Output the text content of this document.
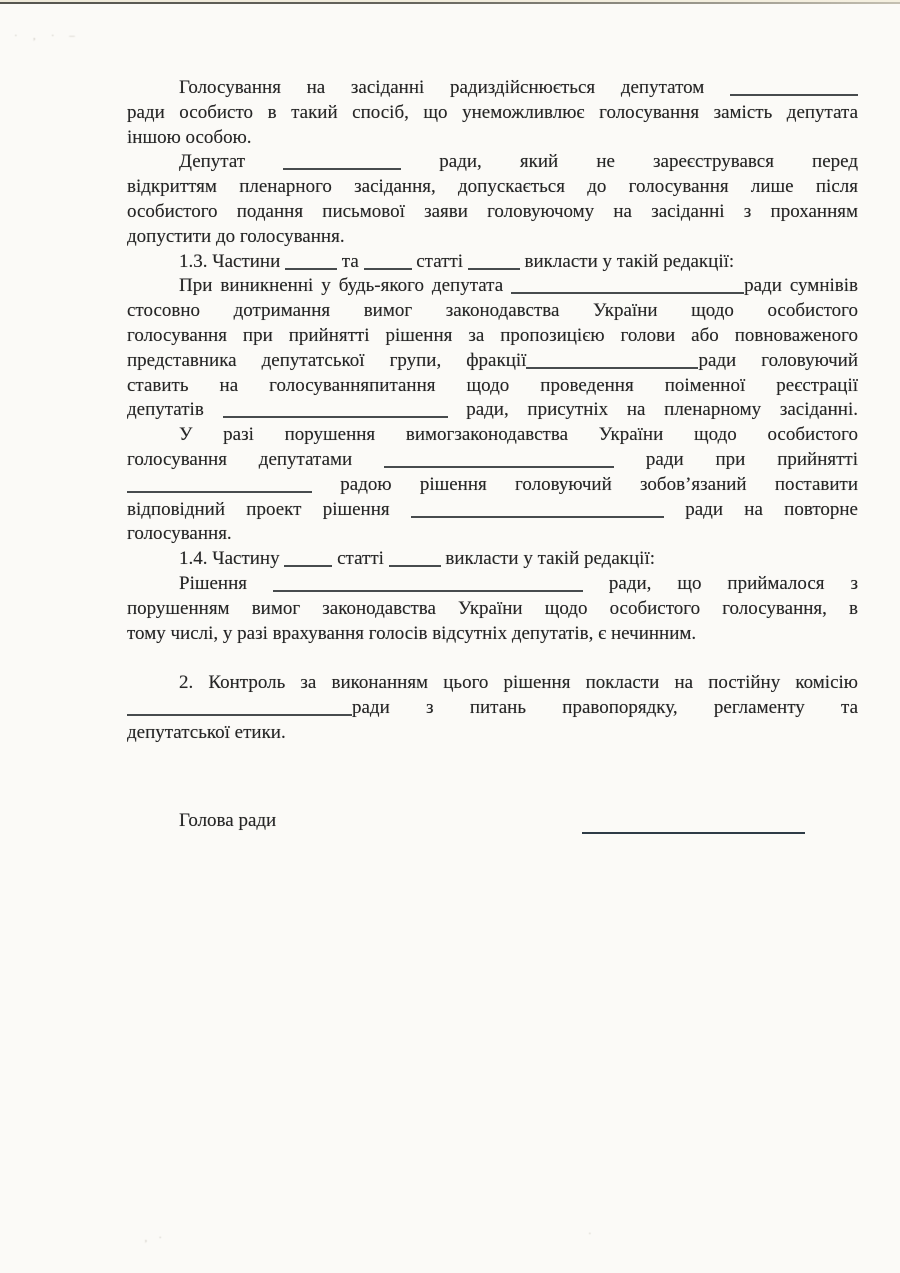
· ‚ · –
Голосування на засіданні радиздійснюється депутатом
ради особисто в такий спосіб, що унеможливлює голосування замість депутата
іншою особою.
Депутат	ради, який не зареєструвався перед
відкриттям пленарного засідання, допускається до голосування лише після
особистого подання письмової заяви головуючому на засіданні з проханням
допустити до голосування.
1.3. Частини	та	статті	викласти у такій редакції:
При виникненні у будь-якого депутата	ради сумнівів
стосовно дотримання вимог законодавства України щодо особистого
голосування при прийнятті рішення за пропозицією голови або повноваженого
представника депутатської групи, фракції	ради головуючий
ставить на голосуванняпитання щодо проведення поіменної реєстрації
депутатів	ради, присутніх на пленарному засіданні.
У разі порушення вимогзаконодавства України щодо особистого
голосування депутатами	ради при прийнятті
радою рішення головуючий зобов’язаний поставити
відповідний проект рішення	ради на повторне
голосування.
1.4. Частину	статті	викласти у такій редакції:
Рішення	ради, що приймалося з
порушенням вимог законодавства України щодо особистого голосування, в
тому числі, у разі врахування голосів відсутніх депутатів, є нечинним.
2. Контроль за виконанням цього рішення покласти на постійну комісію
ради з питань правопорядку, регламенту та
депутатської етики.
Голова ради
‚ ·	·
